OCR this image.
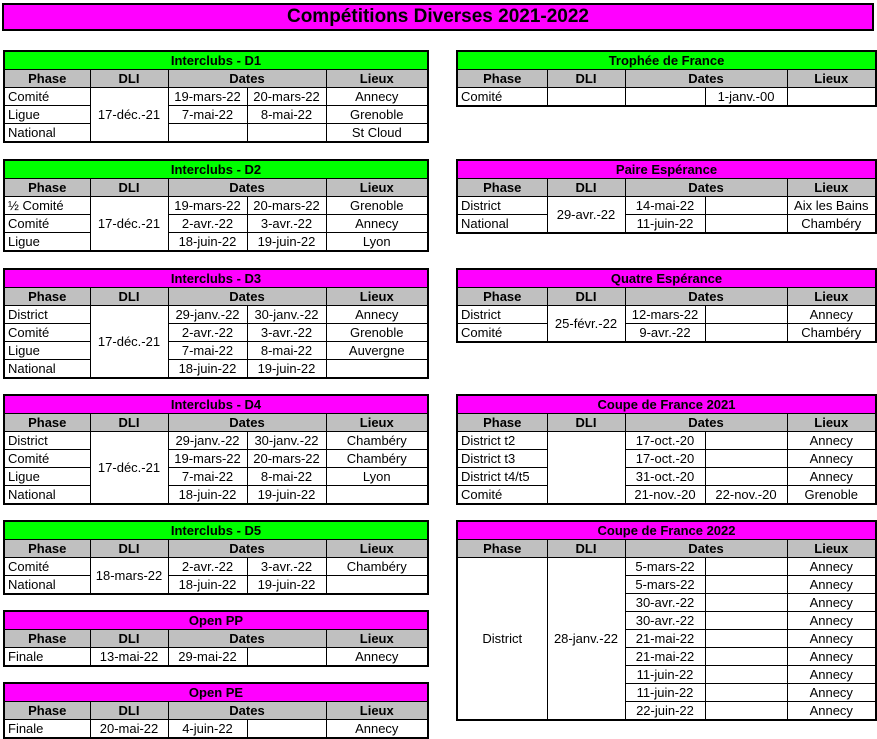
Compétitions Diverses 2021-2022
Interclubs - D1				
Phase	DLI	Dates		Lieux
Comité	17-déc.-21	19-mars-22	20-mars-22	Annecy
Ligue		7-mai-22	8-mai-22	Grenoble
National				St Cloud
Interclubs - D2				
Phase	DLI	Dates		Lieux
½ Comité	17-déc.-21	19-mars-22	20-mars-22	Grenoble
Comité		2-avr.-22	3-avr.-22	Annecy
Ligue		18-juin-22	19-juin-22	Lyon
Interclubs - D3				
Phase	DLI	Dates		Lieux
District	17-déc.-21	29-janv.-22	30-janv.-22	Annecy
Comité		2-avr.-22	3-avr.-22	Grenoble
Ligue		7-mai-22	8-mai-22	Auvergne
National		18-juin-22	19-juin-22	
Interclubs - D4				
Phase	DLI	Dates		Lieux
District	17-déc.-21	29-janv.-22	30-janv.-22	Chambéry
Comité		19-mars-22	20-mars-22	Chambéry
Ligue		7-mai-22	8-mai-22	Lyon
National		18-juin-22	19-juin-22	
Interclubs - D5				
Phase	DLI	Dates		Lieux
Comité	18-mars-22	2-avr.-22	3-avr.-22	Chambéry
National		18-juin-22	19-juin-22	
Open PP				
Phase	DLI	Dates		Lieux
Finale	13-mai-22	29-mai-22		Annecy
Open PE				
Phase	DLI	Dates		Lieux
Finale	20-mai-22	4-juin-22		Annecy
Trophée de France				
Phase	DLI	Dates		Lieux
Comité			1-janv.-00	
Paire Espérance				
Phase	DLI	Dates		Lieux
District	29-avr.-22	14-mai-22		Aix les Bains
National		11-juin-22		Chambéry
Quatre Espérance				
Phase	DLI	Dates		Lieux
District	25-févr.-22	12-mars-22		Annecy
Comité		9-avr.-22		Chambéry
Coupe de France 2021				
Phase	DLI	Dates		Lieux
District t2		17-oct.-20		Annecy
District t3		17-oct.-20		Annecy
District t4/t5		31-oct.-20		Annecy
Comité		21-nov.-20	22-nov.-20	Grenoble
Coupe de France 2022				
Phase	DLI	Dates		Lieux
District	28-janv.-22	5-mars-22		Annecy
		5-mars-22		Annecy
		30-avr.-22		Annecy
		30-avr.-22		Annecy
		21-mai-22		Annecy
		21-mai-22		Annecy
		11-juin-22		Annecy
		11-juin-22		Annecy
		22-juin-22		Annecy
